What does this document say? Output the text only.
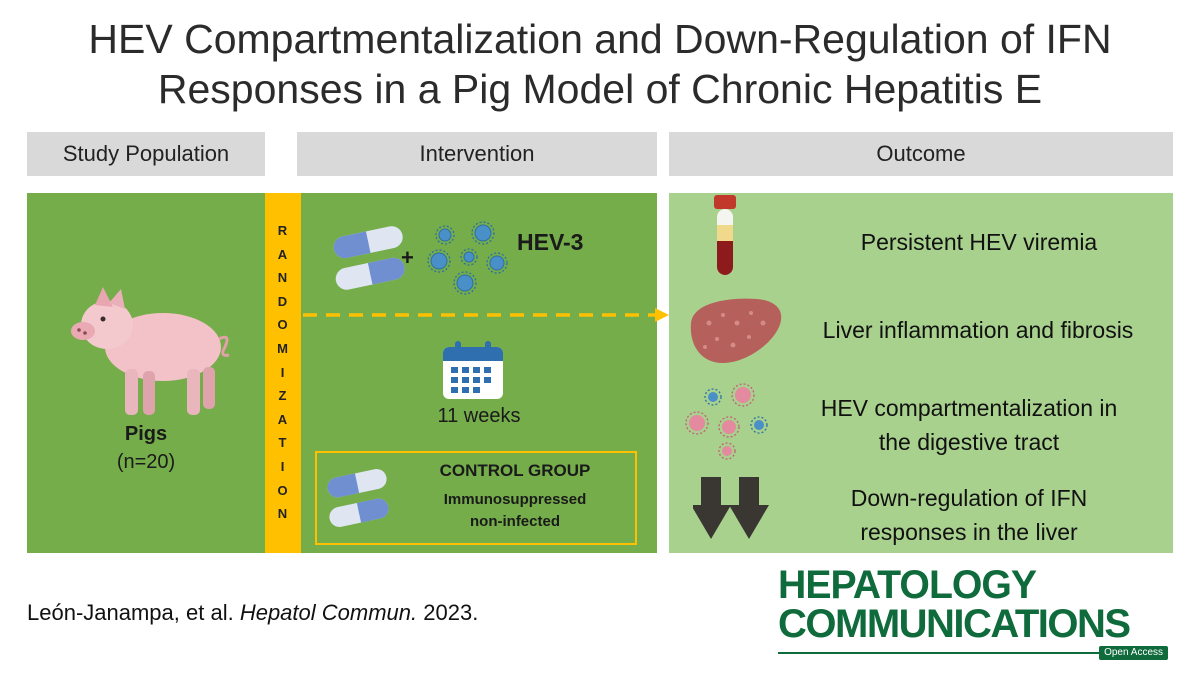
HEV Compartmentalization and Down-Regulation of IFN
Responses in a Pig Model of Chronic Hepatitis E
Study Population	Intervention	Outcome
Pigs
(n=20)
R
A
N
D
O
M
I
Z
A
T
I
O
N
+
HEV-3
11 weeks
CONTROL GROUP
Immunosuppressed
non-infected
Persistent HEV viremia
Liver inflammation and fibrosis
HEV compartmentalization in
the digestive tract
Down-regulation of IFN
responses in the liver
León-Janampa, et al. Hepatol Commun. 2023.
HEPATOLOGY
COMMUNICATIONS
Open Access
